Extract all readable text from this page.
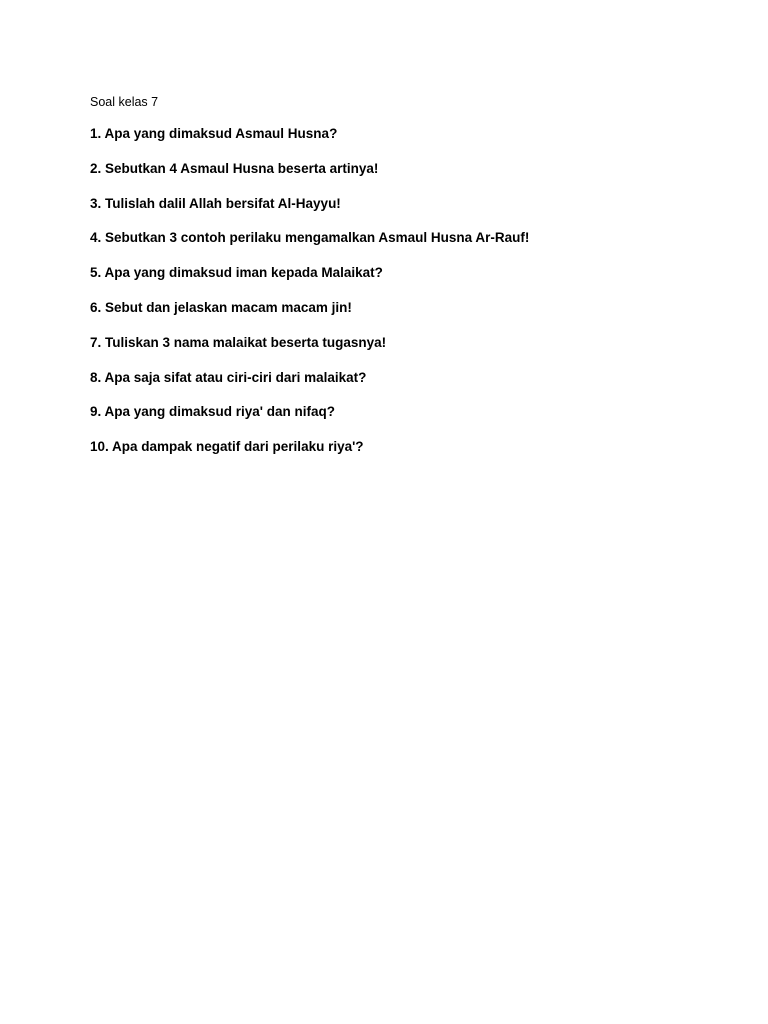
Soal kelas 7
1. Apa yang dimaksud Asmaul Husna?
2. Sebutkan 4 Asmaul Husna beserta artinya!
3. Tulislah dalil Allah bersifat Al-Hayyu!
4. Sebutkan 3 contoh perilaku mengamalkan Asmaul Husna Ar-Rauf!
5. Apa yang dimaksud iman kepada Malaikat?
6. Sebut dan jelaskan macam macam jin!
7. Tuliskan 3 nama malaikat beserta tugasnya!
8. Apa saja sifat atau ciri-ciri dari malaikat?
9. Apa yang dimaksud riya' dan nifaq?
10. Apa dampak negatif dari perilaku riya'?
